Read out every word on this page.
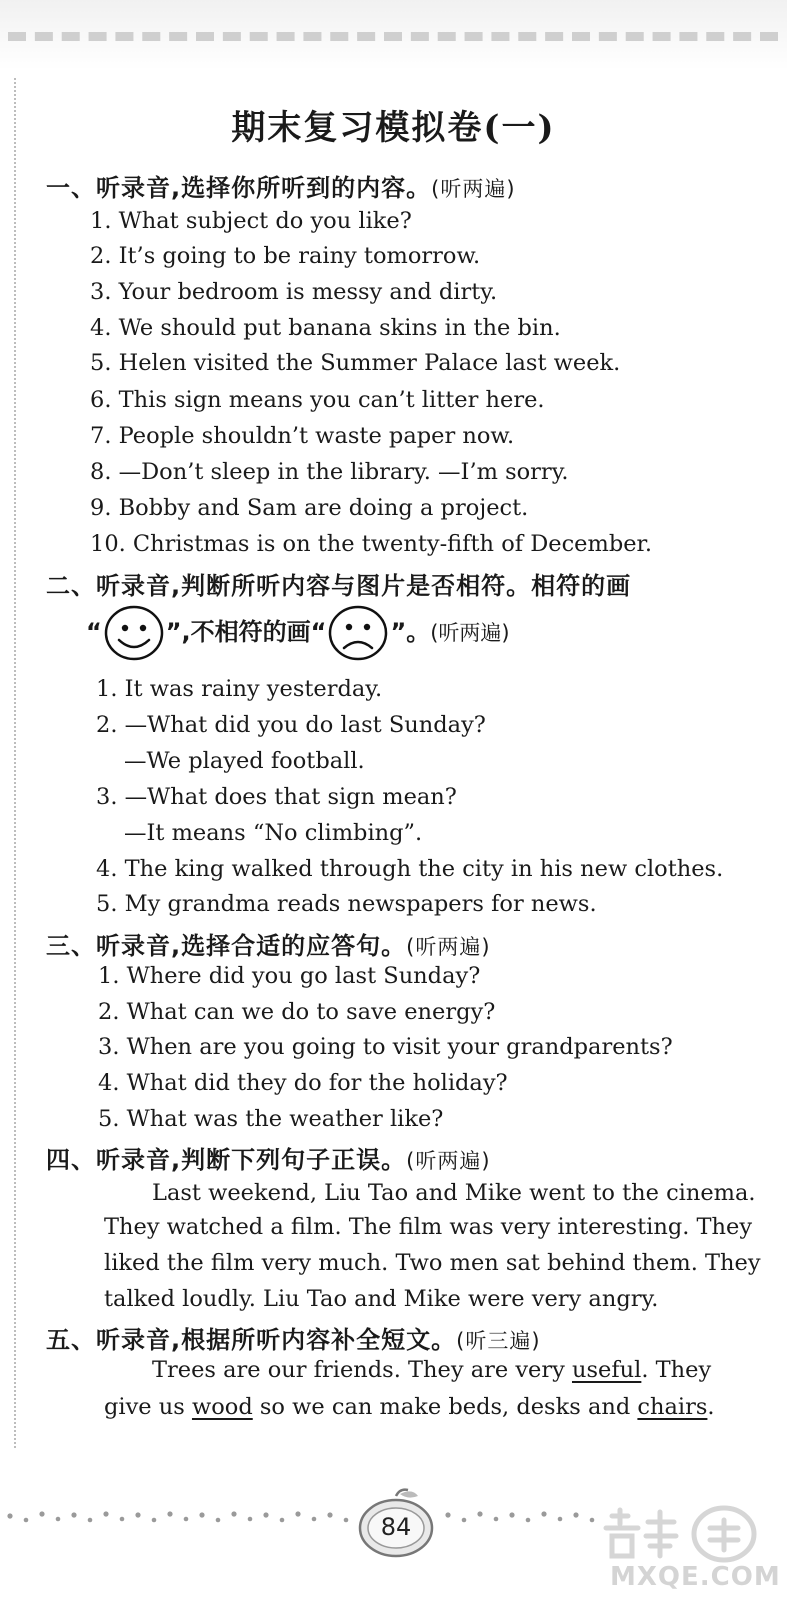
期末复习模拟卷(一)
一、听录音,选择你所听到的内容。(听两遍)
1. What subject do you like?
2. It’s going to be rainy tomorrow.
3. Your bedroom is messy and dirty.
4. We should put banana skins in the bin.
5. Helen visited the Summer Palace last week.
6. This sign means you can’t litter here.
7. People shouldn’t waste paper now.
8. —Don’t sleep in the library. —I’m sorry.
9. Bobby and Sam are doing a project.
10. Christmas is on the twenty-fifth of December.
二、听录音,判断所听内容与图片是否相符。相符的画
“	”,不相符的画“	”。(听两遍)
1. It was rainy yesterday.
2. —What did you do last Sunday?
—We played football.
3. —What does that sign mean?
—It means “No climbing”.
4. The king walked through the city in his new clothes.
5. My grandma reads newspapers for news.
三、听录音,选择合适的应答句。(听两遍)
1. Where did you go last Sunday?
2. What can we do to save energy?
3. When are you going to visit your grandparents?
4. What did they do for the holiday?
5. What was the weather like?
四、听录音,判断下列句子正误。(听两遍)
Last weekend, Liu Tao and Mike went to the cinema.
They watched a film. The film was very interesting. They
liked the film very much. Two men sat behind them. They
talked loudly. Liu Tao and Mike were very angry.
五、听录音,根据所听内容补全短文。(听三遍)
Trees are our friends. They are very useful. They
give us wood so we can make beds, desks and chairs.
84
MXQE.COM
